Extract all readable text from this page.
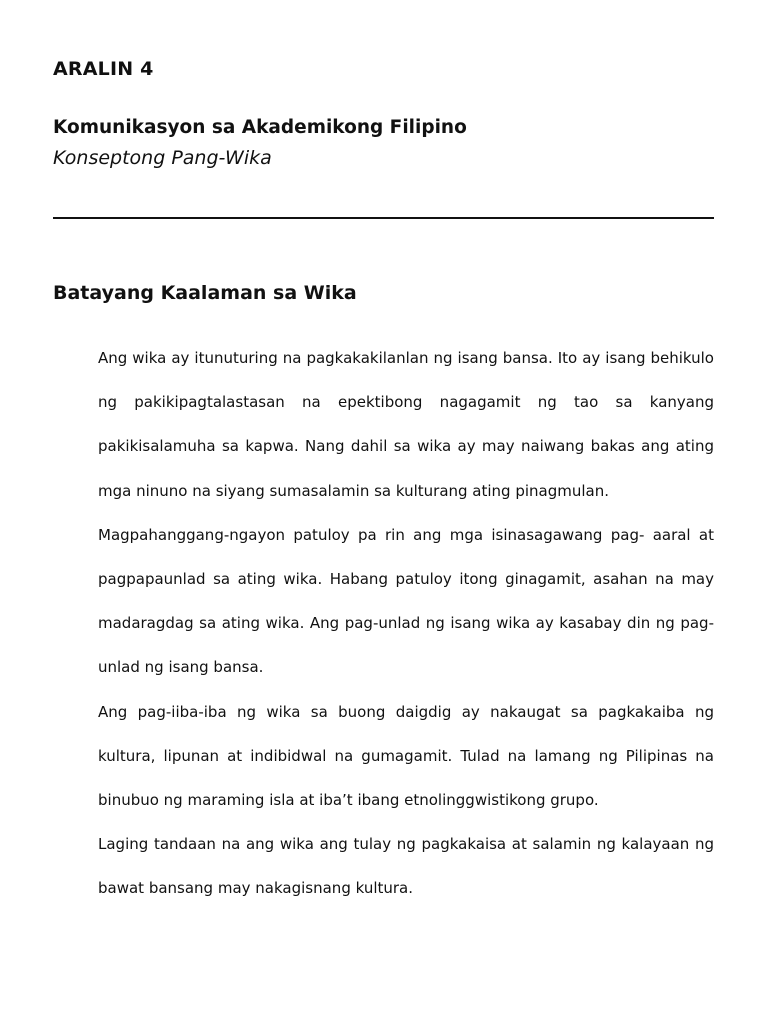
ARALIN 4
Komunikasyon sa Akademikong Filipino
Konseptong Pang-Wika
Batayang Kaalaman sa Wika

Ang wika ay itunuturing na pagkakakilanlan ng isang bansa. Ito ay isang behikulo ng pakikipagtalastasan na epektibong nagagamit ng tao sa kanyang pakikisalamuha sa kapwa. Nang dahil sa wika ay may naiwang bakas ang ating mga ninuno na siyang sumasalamin sa kulturang ating pinagmulan.

Magpahanggang-ngayon patuloy pa rin ang mga isinasagawang pag- aaral at pagpapaunlad sa ating wika. Habang patuloy itong ginagamit, asahan na may madaragdag sa ating wika. Ang pag-unlad ng isang wika ay kasabay din ng pag-unlad ng isang bansa.

Ang pag-iiba-iba ng wika sa buong daigdig ay nakaugat sa pagkakaiba ng kultura, lipunan at indibidwal na gumagamit. Tulad na lamang ng Pilipinas na binubuo ng maraming isla at iba’t ibang etnolinggwistikong grupo.

Laging tandaan na ang wika ang tulay ng pagkakaisa at salamin ng kalayaan ng bawat bansang may nakagisnang kultura.
